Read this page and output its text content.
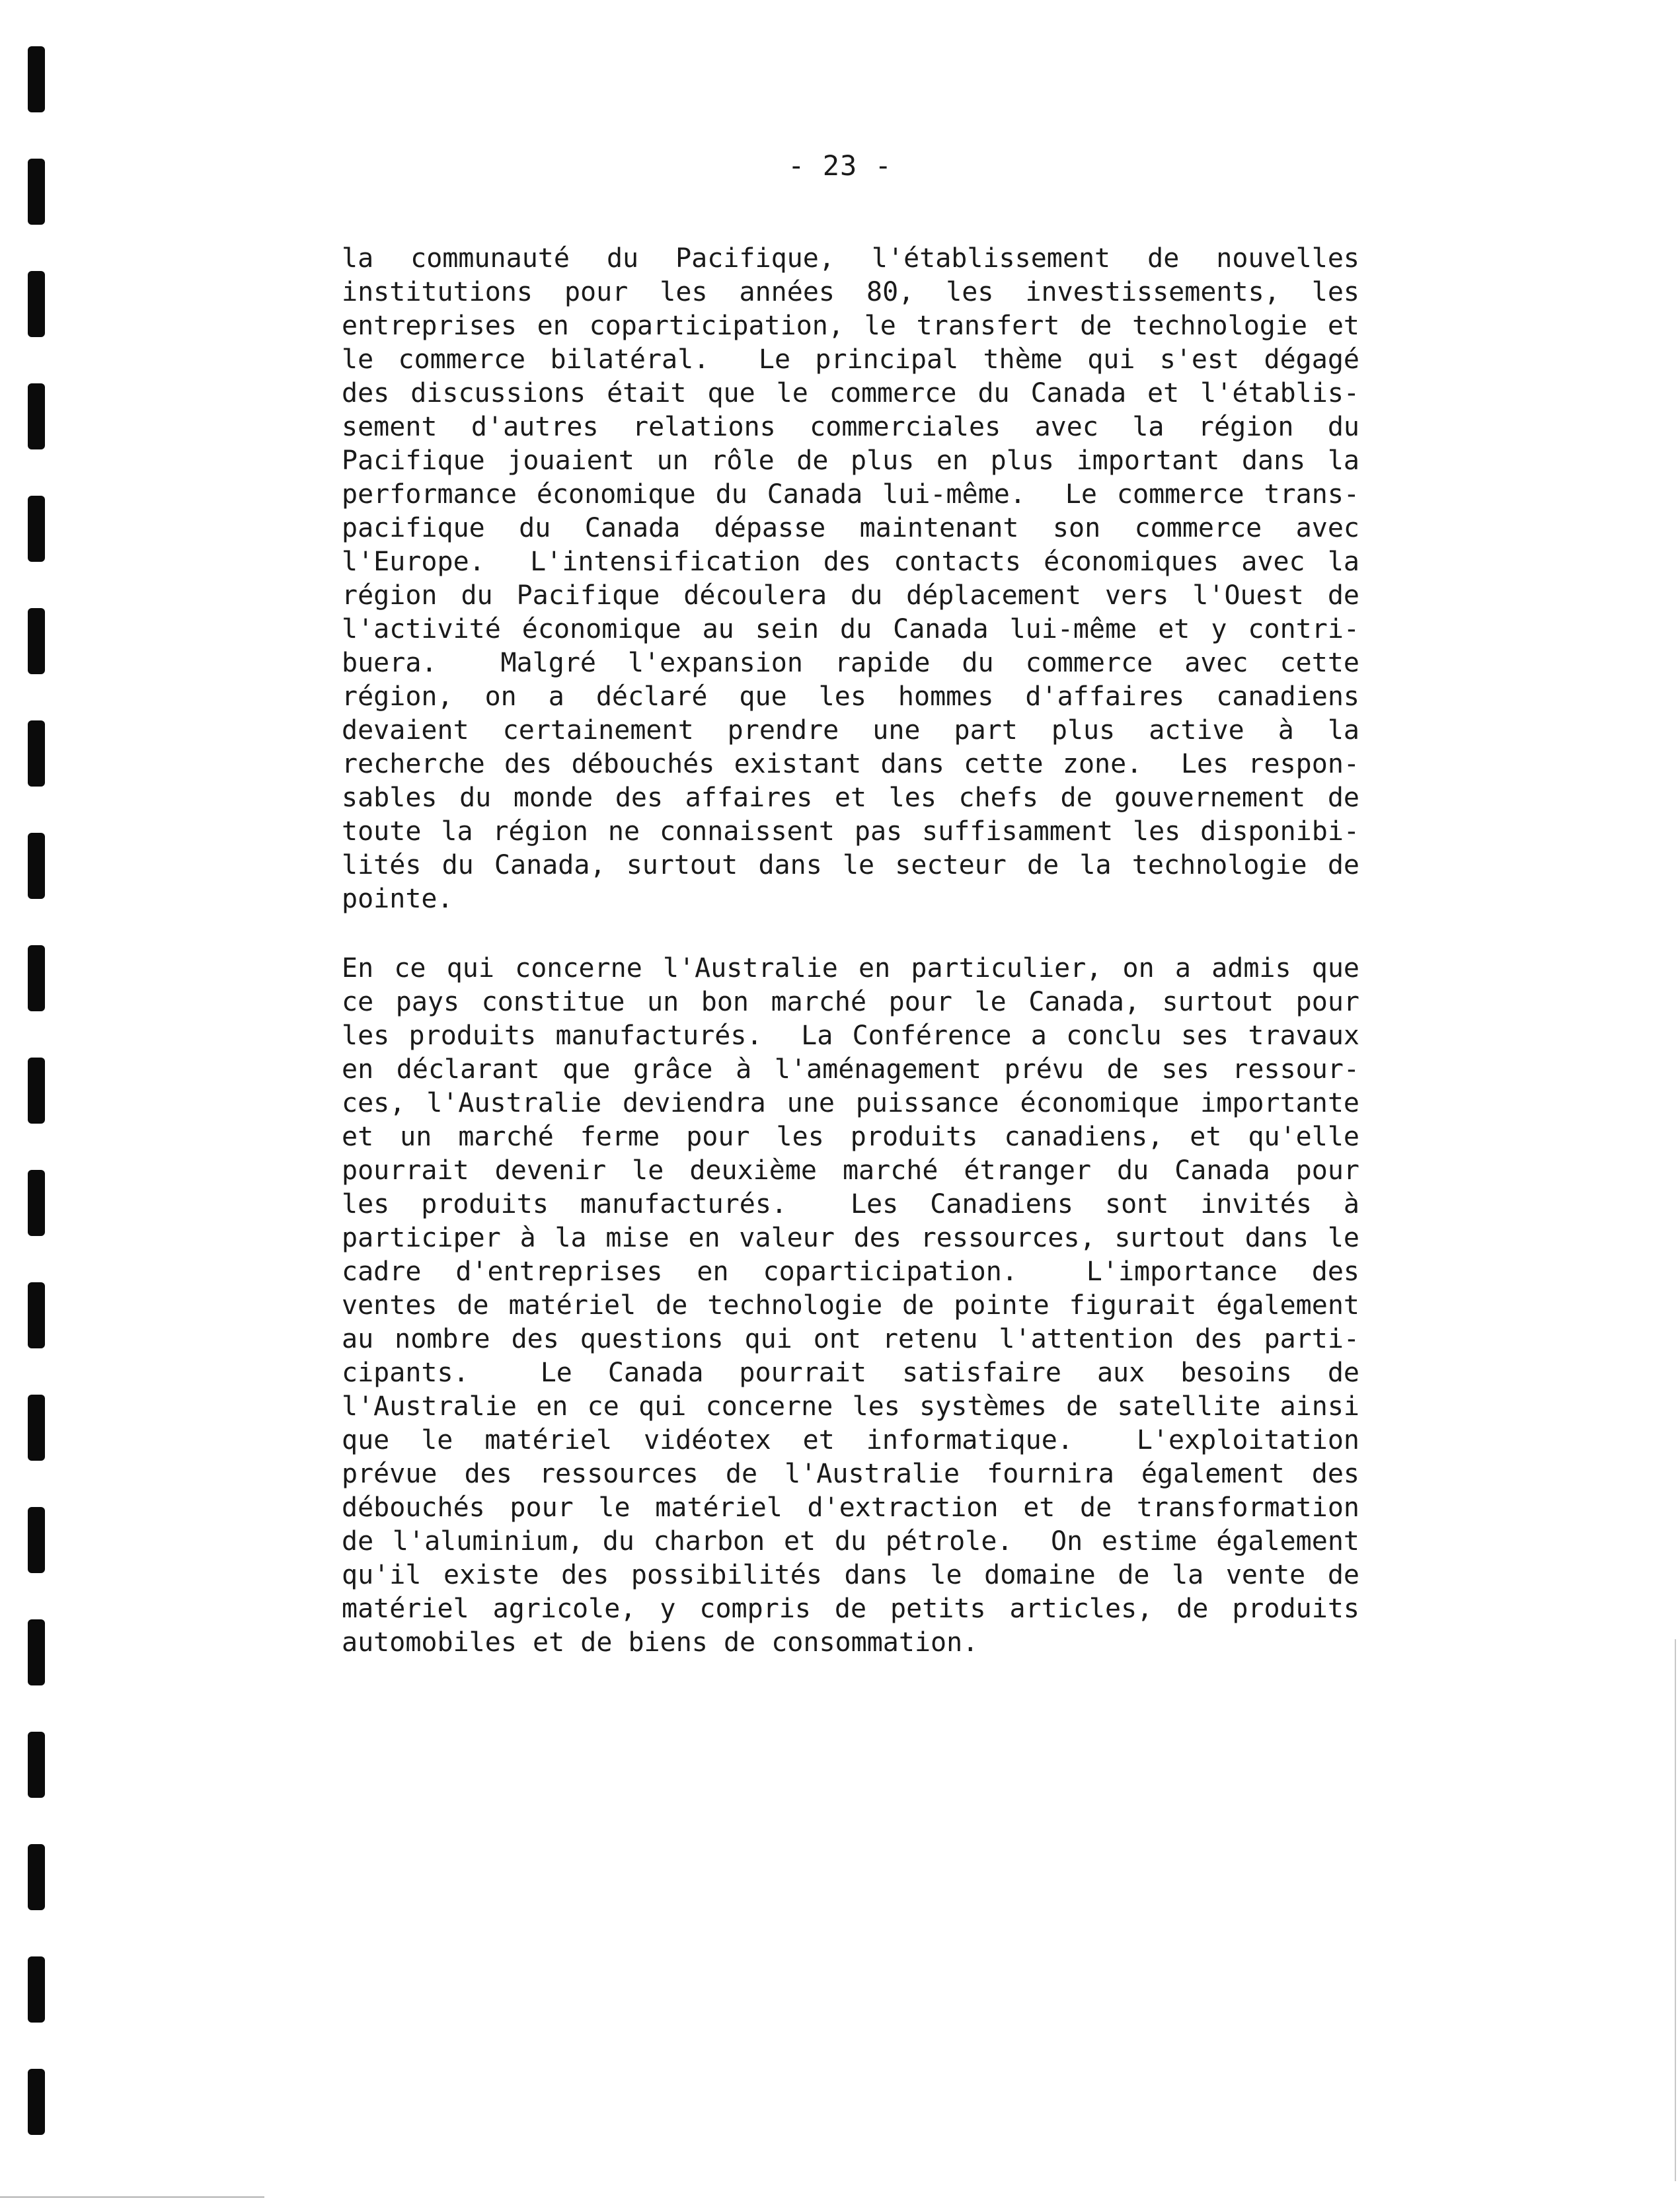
- 23 -
la communauté du Pacifique, l'établissement de nouvelles
institutions pour les années 80, les investissements, les
entreprises en coparticipation, le transfert de technologie et
le commerce bilatéral.  Le principal thème qui s'est dégagé
des discussions était que le commerce du Canada et l'établis-
sement d'autres relations commerciales avec la région du
Pacifique jouaient un rôle de plus en plus important dans la
performance économique du Canada lui-même.  Le commerce trans-
pacifique du Canada dépasse maintenant son commerce avec
l'Europe.  L'intensification des contacts économiques avec la
région du Pacifique découlera du déplacement vers l'Ouest de
l'activité économique au sein du Canada lui-même et y contri-
buera.  Malgré l'expansion rapide du commerce avec cette
région, on a déclaré que les hommes d'affaires canadiens
devaient certainement prendre une part plus active à la
recherche des débouchés existant dans cette zone.  Les respon-
sables du monde des affaires et les chefs de gouvernement de
toute la région ne connaissent pas suffisamment les disponibi-
lités du Canada, surtout dans le secteur de la technologie de
pointe.
En ce qui concerne l'Australie en particulier, on a admis que
ce pays constitue un bon marché pour le Canada, surtout pour
les produits manufacturés.  La Conférence a conclu ses travaux
en déclarant que grâce à l'aménagement prévu de ses ressour-
ces, l'Australie deviendra une puissance économique importante
et un marché ferme pour les produits canadiens, et qu'elle
pourrait devenir le deuxième marché étranger du Canada pour
les produits manufacturés.  Les Canadiens sont invités à
participer à la mise en valeur des ressources, surtout dans le
cadre d'entreprises en coparticipation.  L'importance des
ventes de matériel de technologie de pointe figurait également
au nombre des questions qui ont retenu l'attention des parti-
cipants.  Le Canada pourrait satisfaire aux besoins de
l'Australie en ce qui concerne les systèmes de satellite ainsi
que le matériel vidéotex et informatique.  L'exploitation
prévue des ressources de l'Australie fournira également des
débouchés pour le matériel d'extraction et de transformation
de l'aluminium, du charbon et du pétrole.  On estime également
qu'il existe des possibilités dans le domaine de la vente de
matériel agricole, y compris de petits articles, de produits
automobiles et de biens de consommation.
